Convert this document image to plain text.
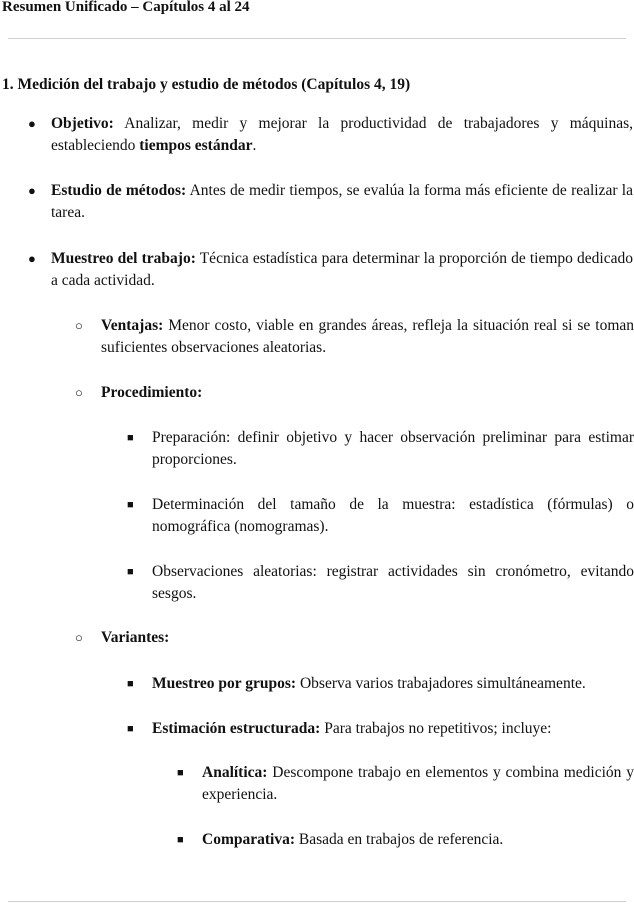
Resumen Unificado – Capítulos 4 al 24
1. Medición del trabajo y estudio de métodos (Capítulos 4, 19)
● Objetivo: Analizar, medir y mejorar la productividad de trabajadores y máquinas, estableciendo tiempos estándar.
● Estudio de métodos: Antes de medir tiempos, se evalúa la forma más eficiente de realizar la tarea.
● Muestreo del trabajo: Técnica estadística para determinar la proporción de tiempo dedicado a cada actividad.
○ Ventajas: Menor costo, viable en grandes áreas, refleja la situación real si se toman suficientes observaciones aleatorias.
○ Procedimiento:
■ Preparación: definir objetivo y hacer observación preliminar para estimar proporciones.
■ Determinación del tamaño de la muestra: estadística (fórmulas) o nomográfica (nomogramas).
■ Observaciones aleatorias: registrar actividades sin cronómetro, evitando sesgos.
○ Variantes:
■ Muestreo por grupos: Observa varios trabajadores simultáneamente.
■ Estimación estructurada: Para trabajos no repetitivos; incluye:
■ Analítica: Descompone trabajo en elementos y combina medición y experiencia.
■ Comparativa: Basada en trabajos de referencia.
